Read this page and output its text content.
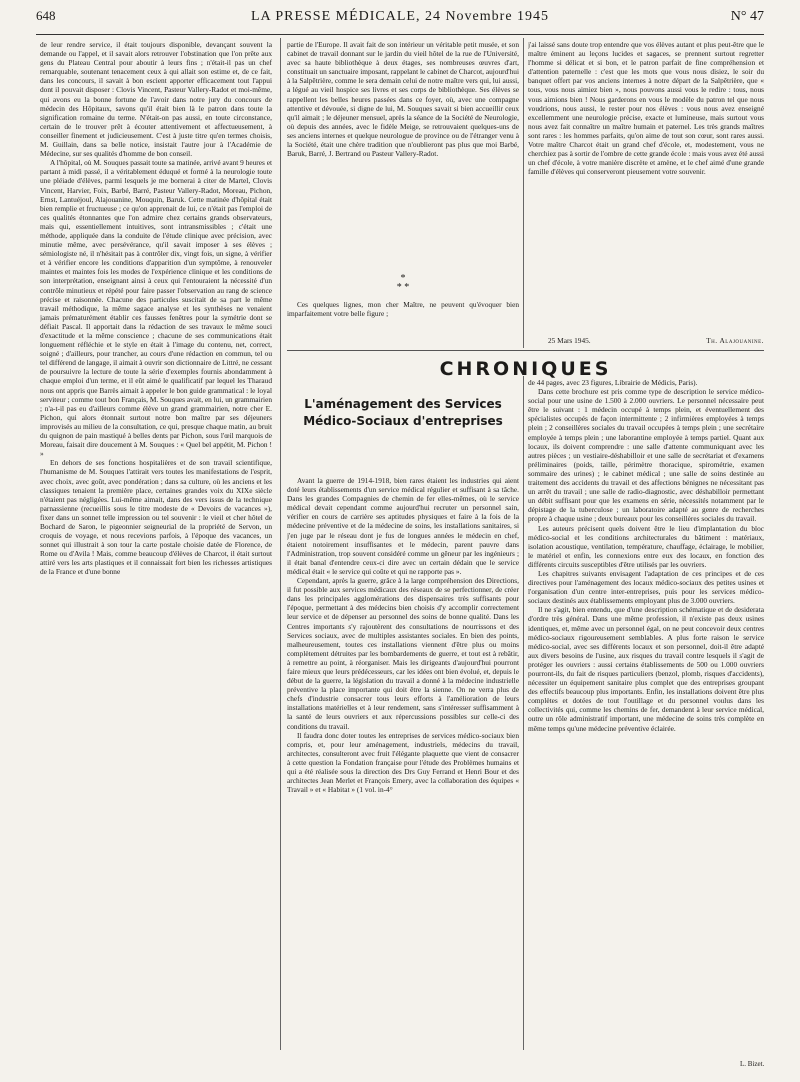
648	LA PRESSE MÉDICALE, 24 Novembre 1945	N° 47

de leur rendre service, il était toujours disponible, devançant souvent la demande ou l'appel, et il savait alors retrouver l'obstination que l'on prête aux gens du Plateau Central pour aboutir à leurs fins ; n'était-il pas un chef remarquable, soutenant tenacement ceux à qui allait son estime et, de ce fait, dans les concours, il savait à bon escient apporter efficacement tout l'appui dont il pouvait disposer : Clovis Vincent, Pasteur Vallery-Radot et moi-même, qui avons eu la bonne fortune de l'avoir dans notre jury du concours de médecin des Hôpitaux, savons qu'il était bien là le patron dans toute la signification romaine du terme. N'était-on pas aussi, en toute circonstance, certain de le trouver prêt à écouter attentivement et affectueusement, à conseiller finement et judicieusement. C'est à juste titre qu'en termes choisis, M. Guillain, dans sa belle notice, insistait l'autre jour à l'Académie de Médecine, sur ses qualités d'homme de bon conseil.

A l'hôpital, où M. Souques passait toute sa matinée, arrivé avant 9 heures et partant à midi passé, il a véritablement éduqué et formé à la neurologie toute une pléiade d'élèves, parmi lesquels je me bornerai à citer de Martel, Clovis Vincent, Harvier, Foix, Barbé, Barré, Pasteur Vallery-Radot, Moreau, Pichon, Ernst, Lantuéjoul, Alajouanine, Mouquin, Baruk. Cette matinée d'hôpital était bien remplie et fructueuse ; ce qu'on apprenait de lui, ce n'était pas l'emploi de ces qualités étonnantes que l'on admire chez certains grands observateurs, mais qui, essentiellement intuitives, sont intransmissibles ; c'était une méthode, appliquée dans la conduite de l'étude clinique avec précision, avec minutie même, avec persévérance, qu'il savait imposer à ses élèves ; sémiologiste né, il n'hésitait pas à contrôler dix, vingt fois, un signe, à vérifier et à vérifier encore les conditions d'apparition d'un symptôme, à renouveler maintes et maintes fois les modes de l'expérience clinique et les conditions de son interprétation, enseignant ainsi à ceux qui l'entouraient la nécessité d'un contrôle minutieux et répété pour faire passer l'observation au rang de science précise et raisonnée. Chacune des particules suscitait de sa part le même travail méthodique, la même sagace analyse et les synthèses ne venaient jamais prématurément établir ces fausses fenêtres pour la symétrie dont se défiait Pascal. Il apportait dans la rédaction de ses travaux le même souci d'exactitude et la même conscience ; chacune de ses communications était longuement réfléchie et le style en était à l'image du contenu, net, correct, soigné ; d'ailleurs, pour trancher, au cours d'une rédaction en commun, tel ou tel différend de langage, il aimait à ouvrir son dictionnaire de Littré, ne cessant de poursuivre la lecture de toute la série d'exemples fournis abondamment à chaque emploi d'un terme, et il eût aimé le qualificatif par lequel les Tharaud nous ont appris que Barrès aimait à appeler le bon guide grammatical : le loyal serviteur ; comme tout bon Français, M. Souques avait, en lui, un grammairien ; n'a-t-il pas eu d'ailleurs comme élève un grand grammairien, notre cher E. Pichon, qui alors étonnait surtout notre bon maître par ses déjeuners improvisés au milieu de la consultation, ce qui, presque chaque matin, au bruit du quignon de pain mastiqué à belles dents par Pichon, sous l'œil marquois de Moreau, faisait dire doucement à M. Souques : « Quel bel appétit, M. Pichon ! »

En dehors de ses fonctions hospitalières et de son travail scientifique, l'humanisme de M. Souques l'attirait vers toutes les manifestations de l'esprit, avec choix, avec goût, avec pondération ; dans sa culture, où les anciens et les classiques tenaient la première place, certaines grandes voix du XIXe siècle n'étaient pas négligées. Lui-même aimait, dans des vers issus de la technique parnassienne (recueillis sous le titre modeste de « Devoirs de vacances »), fixer dans un sonnet telle impression ou tel souvenir : le vieil et cher hôtel de Bochard de Saron, le pigeonnier seigneurial de la propriété de Servon, un croquis de voyage, et nous recevions parfois, à l'époque des vacances, un sonnet qui illustrait à son tour la carte postale choisie datée de Florence, de Rome ou d'Avila ! Mais, comme beaucoup d'élèves de Charcot, il était surtout attiré vers les arts plastiques et il connaissait fort bien les richesses artistiques de la France et d'une bonne

partie de l'Europe. Il avait fait de son intérieur un véritable petit musée, et son cabinet de travail donnant sur le jardin du vieil hôtel de la rue de l'Université, avec sa haute bibliothèque à deux étages, ses nombreuses œuvres d'art, constituait un sanctuaire imposant, rappelant le cabinet de Charcot, aujourd'hui à la Salpêtrière, comme le sera demain celui de notre maître vers qui, lui aussi, a légué au vieil hospice ses livres et ses corps de bibliothèque. Ses élèves se rappellent les belles heures passées dans ce foyer, où, avec une compagne attentive et dévouée, si digne de lui, M. Souques savait si bien accueillir ceux qu'il aimait ; le déjeuner mensuel, après la séance de la Société de Neurologie, où depuis des années, avec le fidèle Meige, se retrouvaient quelques-uns de ses anciens internes et quelque neurologue de province ou de l'étranger venu à la Société, était une chère tradition que n'oublieront pas plus que moi Barbé, Baruk, Barré, J. Bertrand ou Pasteur Vallery-Radot.

*
* *

Ces quelques lignes, mon cher Maître, ne peuvent qu'évoquer bien imparfaitement votre belle figure ;

j'ai laissé sans doute trop entendre que vos élèves autant et plus peut-être que le maître éminent au leçons lucides et sagaces, se prennent surtout regretter l'homme si délicat et si bon, et le patron parfait de fine compréhension et d'attention paternelle : c'est que les mots que vous nous disiez, le soir du banquet offert par vos anciens internes à notre départ de la Salpêtrière, que « tous, vous nous aimiez bien », nous pouvons aussi vous le redire : tous, nous vous aimions bien ! Nous garderons en vous le modèle du patron tel que nous voudrions, nous aussi, le rester pour nos élèves : vous nous avez enseigné excellemment une neurologie précise, exacte et lumineuse, mais surtout vous nous avez fait connaître un maître humain et paternel. Les très grands maîtres sont rares : les hommes parfaits, qu'on aime de tout son cœur, sont rares aussi. Votre maître Charcot était un grand chef d'école, et, modestement, vous ne cherchiez pas à sortir de l'ombre de cette grande école : mais vous avez été aussi un chef d'école, à votre manière discrète et amène, et le chef aimé d'une grande famille d'élèves qui conserveront pieusement votre souvenir.

25 Mars 1945.	Th. Alajouanine.
CHRONIQUES
L'aménagement des Services Médico-Sociaux d'entreprises

Avant la guerre de 1914-1918, bien rares étaient les industries qui aient doté leurs établissements d'un service médical régulier et suffisant à sa tâche. Dans les grandes Compagnies de chemin de fer elles-mêmes, où le service médical devait cependant comme aujourd'hui recruter un personnel sain, vérifier en cours de carrière ses aptitudes physiques et faire à la fois de la médecine préventive et de la médecine de soins, les installations sanitaires, si j'en juge par le réseau dont je fus de longues années le médecin en chef, étaient notoirement insuffisantes et le médecin, parent pauvre dans l'Administration, trop souvent considéré comme un gêneur par les ingénieurs ; il était banal d'entendre ceux-ci dire avec un certain dédain que le service médical était « le service qui coûte et qui ne rapporte pas ».

Cependant, après la guerre, grâce à la large compréhension des Directions, il fut possible aux services médicaux des réseaux de se perfectionner, de créer dans les principales agglomérations des dispensaires très suffisants pour l'époque, permettant à des médecins bien choisis d'y accomplir correctement leur service et de dépenser au personnel des soins de bonne qualité. Dans les Centres importants s'y rajoutèrent des consultations de nourrissons et des Services sociaux, avec de multiples assistantes sociales. En bien des points, malheureusement, toutes ces installations viennent d'être plus ou moins complètement détruites par les bombardements de guerre, et tout est à rebâtir, à remettre au point, à réorganiser. Mais les dirigeants d'aujourd'hui pourront faire mieux que leurs prédécesseurs, car les idées ont bien évolué, et, depuis le début de la guerre, la législation du travail a donné à la médecine industrielle préventive la place importante qui doit être la sienne. On ne verra plus de chefs d'industrie consacrer tous leurs efforts à l'amélioration de leurs installations matérielles et à leur rendement, sans s'intéresser suffisamment à la santé de leurs ouvriers et aux répercussions possibles sur celle-ci des conditions du travail.

Il faudra donc doter toutes les entreprises de services médico-sociaux bien compris, et, pour leur aménagement, industriels, médecins du travail, architectes, consulteront avec fruit l'élégante plaquette que vient de consacrer à cette question la Fondation française pour l'étude des Problèmes humains et qui a été réalisée sous la direction des Drs Guy Ferrand et Henri Bour et des architectes Jean Merlet et François Emery, avec la collaboration des équipes « Travail » et « Habitat » (1 vol. in-4°

de 44 pages, avec 23 figures, Librairie de Médicis, Paris).

Dans cette brochure est pris comme type de description le service médico-social pour une usine de 1.500 à 2.000 ouvriers. Le personnel nécessaire peut être le suivant : 1 médecin occupé à temps plein, et éventuellement des spécialistes occupés de façon intermittente ; 2 infirmières employées à temps plein ; 2 conseillères sociales du travail occupées à temps plein ; une secrétaire employée à temps plein ; une laborantine employée à temps partiel. Quant aux locaux, ils doivent comprendre : une salle d'attente communiquant avec les autres pièces ; un vestiaire-déshabilloir et une salle de secrétariat et d'examens préliminaires (poids, taille, périmètre thoracique, spirométrie, examen sommaire des urines) ; le cabinet médical ; une salle de soins destinée au traitement des accidents du travail et des affections bénignes ne nécessitant pas un arrêt du travail ; une salle de radio-diagnostic, avec déshabilloir permettant un débit suffisant pour que les examens en série, nécessités notamment par le dépistage de la tuberculose ; un laboratoire adapté au genre de recherches propre à chaque usine ; deux bureaux pour les conseillères sociales du travail.

Les auteurs précisent quels doivent être le lieu d'implantation du bloc médico-social et les conditions architecturales du bâtiment : matériaux, isolation acoustique, ventilation, température, chauffage, éclairage, le mobilier, le matériel et enfin, les connexions entre eux des locaux, en fonction des différents circuits susceptibles d'être utilisés par les ouvriers.

Les chapitres suivants envisagent l'adaptation de ces principes et de ces directives pour l'aménagement des locaux médico-sociaux des petites usines et l'organisation d'un centre inter-entreprises, puis pour les services médico-sociaux destinés aux établissements employant plus de 3.000 ouvriers.

Il ne s'agit, bien entendu, que d'une description schématique et de desiderata d'ordre très général. Dans une même profession, il n'existe pas deux usines identiques, et, même avec un personnel égal, on ne peut concevoir deux centres médico-sociaux rigoureusement semblables. A plus forte raison le service médico-social, avec ses différents locaux et son personnel, doit-il être adapté aux divers besoins de l'usine, aux risques du travail contre lesquels il s'agit de protéger les ouvriers : aussi certains établissements de 500 ou 1.000 ouvriers pourront-ils, du fait de risques particuliers (benzol, plomb, risques d'accidents), nécessiter un équipement sanitaire plus complet que des entreprises groupant des effectifs beaucoup plus importants. Enfin, les installations doivent être plus complètes et dotées de tout l'outillage et du personnel voulus dans les collectivités qui, comme les chemins de fer, demandent à leur service médical, outre un rôle administratif important, une médecine de soins très complète en même temps qu'une médecine préventive éclairée.

L. Bizet.
